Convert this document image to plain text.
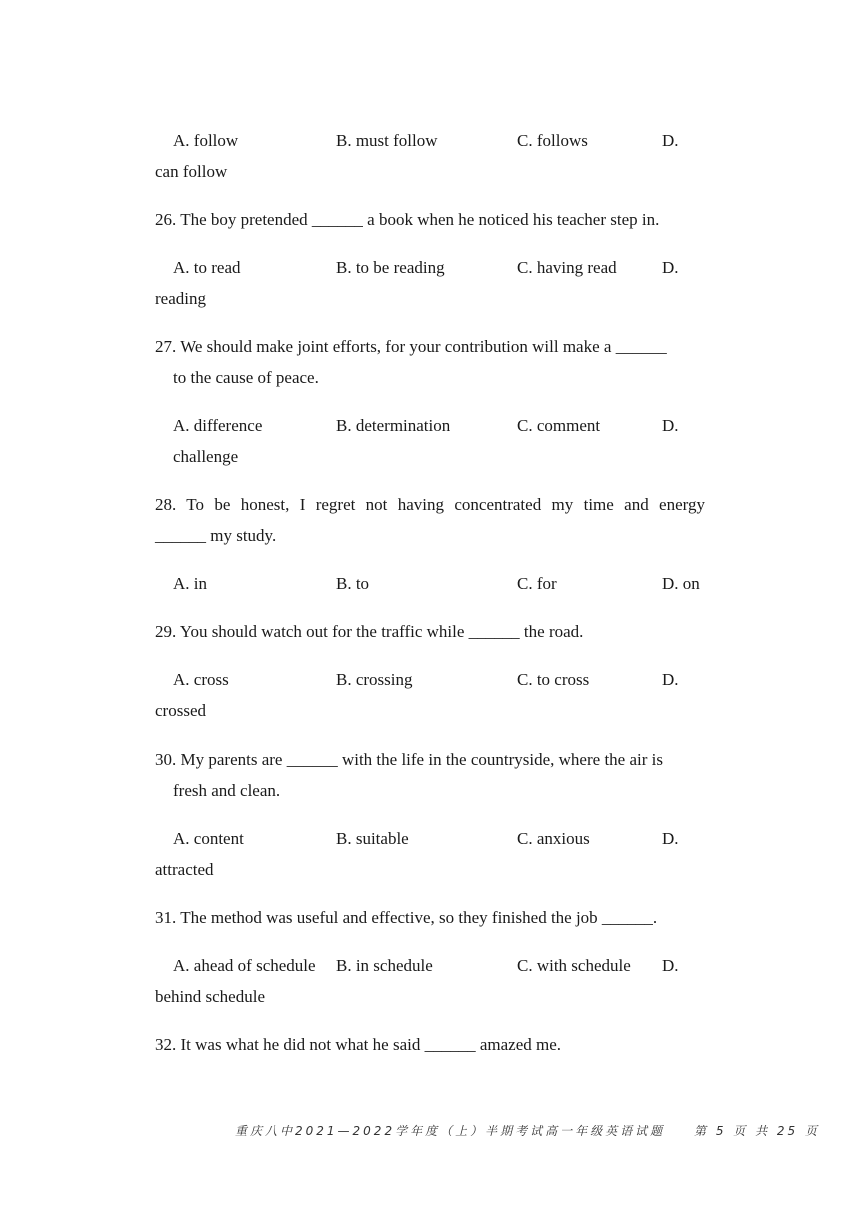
A. follow	B. must follow	C. follows	D.
can follow
26. The boy pretended ______ a book when he noticed his teacher step in.
A. to read	B. to be reading	C. having read	D.
reading
27. We should make joint efforts, for your contribution will make a ______
to the cause of peace.
A. difference	B. determination	C. comment	D.
challenge
28. To be honest, I regret not having concentrated my time and energy
______ my study.
A. in	B. to	C. for	D. on
29. You should watch out for the traffic while ______ the road.
A. cross	B. crossing	C. to cross	D.
crossed
30. My parents are ______ with the life in the countryside, where the air is
fresh and clean.
A. content	B. suitable	C. anxious	D.
attracted
31. The method was useful and effective, so they finished the job ______.
A. ahead of schedule B. in schedule	C. with schedule D.
behind schedule
32. It was what he did not what he said ______ amazed me.
重庆八中2021—2022学年度（上）半期考试高一年级英语试题 第 5 页 共 25 页
